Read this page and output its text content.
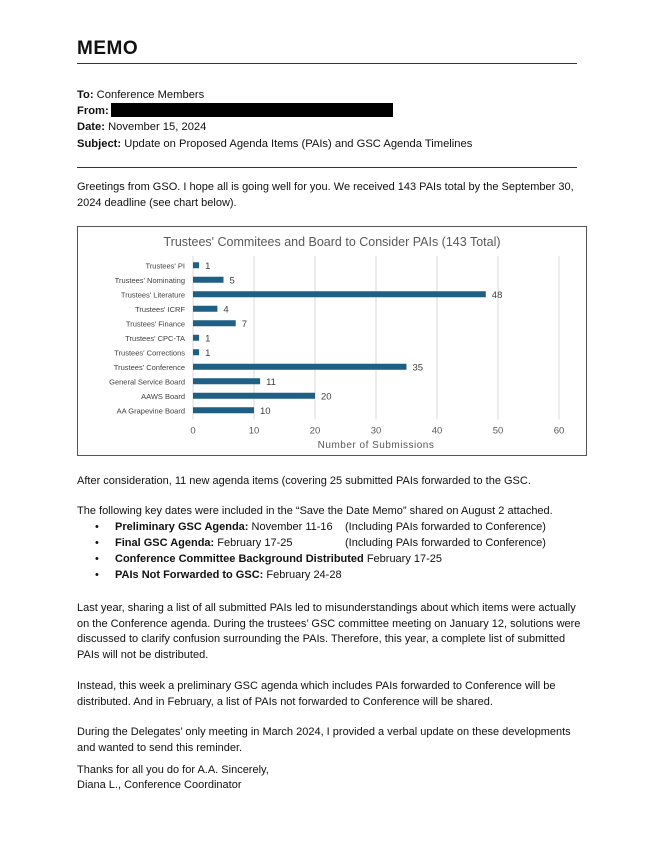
MEMO
To: Conference Members
From:
Date: November 15, 2024
Subject: Update on Proposed Agenda Items (PAIs) and GSC Agenda Timelines
Greetings from GSO. I hope all is going well for you. We received 143 PAIs total by the September 30, 2024 deadline (see chart below).
Trustees' Commitees and Board to Consider PAIs (143 Total)
Trustees' PI
Trustees' Nominating
Trustees' Literature
Trustees' ICRF
Trustees' Finance
Trustees' CPC-TA
Trustees' Corrections
Trustees' Conference
General Service Board
AAWS Board
AA Grapevine Board
1
5
48
4
7
1
1
35
11
20
10
0	10	20	30	40	50	60
Number of Submissions
After consideration, 11 new agenda items (covering 25 submitted PAIs forwarded to the GSC.
The following key dates were included in the “Save the Date Memo” shared on August 2 attached.
• Preliminary GSC Agenda: November 11-16 (Including PAIs forwarded to Conference)
• Final GSC Agenda: February 17-25	(Including PAIs forwarded to Conference)
• Conference Committee Background Distributed February 17-25
• PAIs Not Forwarded to GSC: February 24-28
Last year, sharing a list of all submitted PAIs led to misunderstandings about which items were actually on the Conference agenda. During the trustees’ GSC committee meeting on January 12, solutions were discussed to clarify confusion surrounding the PAIs. Therefore, this year, a complete list of submitted PAIs will not be distributed.
Instead, this week a preliminary GSC agenda which includes PAIs forwarded to Conference will be distributed. And in February, a list of PAIs not forwarded to Conference will be shared.
During the Delegates’ only meeting in March 2024, I provided a verbal update on these developments and wanted to send this reminder.
Thanks for all you do for A.A. Sincerely,
Diana L., Conference Coordinator
